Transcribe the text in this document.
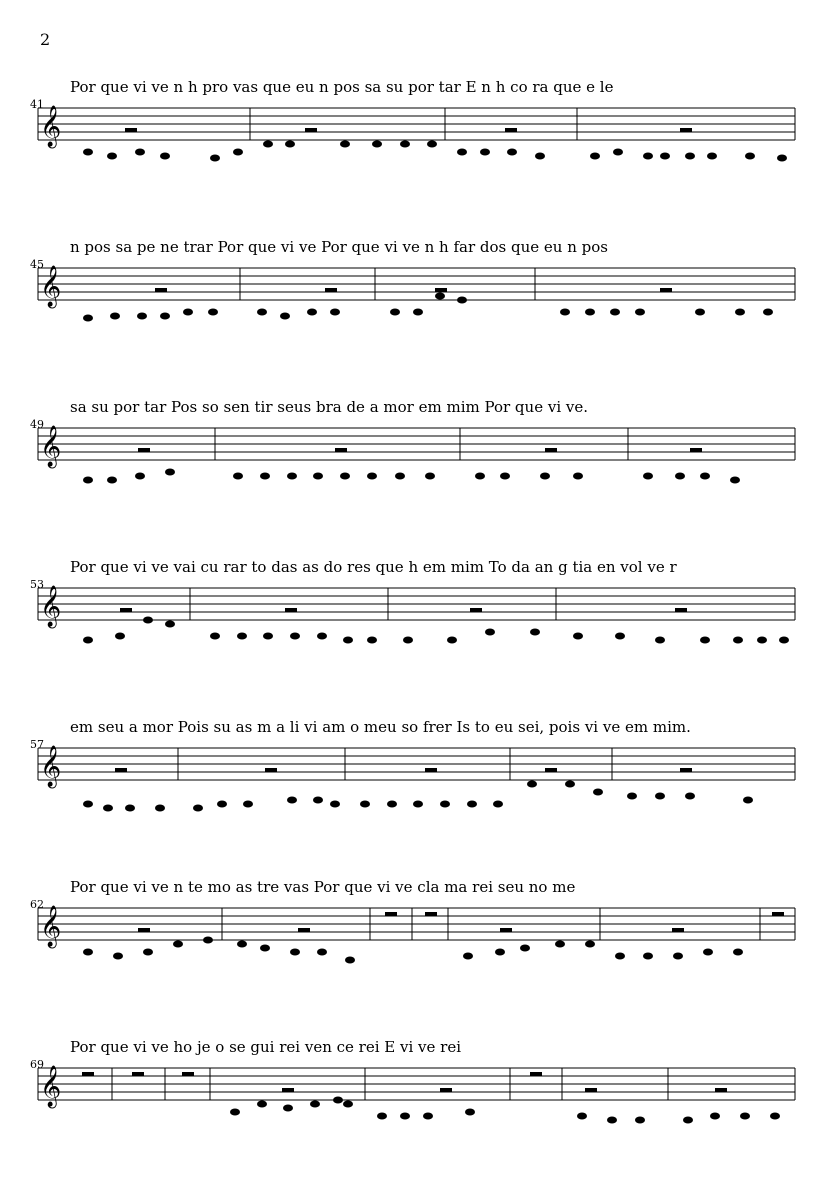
2
Por que vi ve n h pro vas que eu n pos sa su por tar E n h co ra que e le
41
𝄞
n pos sa pe ne trar Por que vi ve Por que vi ve n h far dos que eu n pos
45
𝄞
sa su por tar Pos so sen tir seus bra de a mor em mim Por que vi ve.
49
𝄞
Por que vi ve vai cu rar to das as do res que h em mim To da an g tia en vol ve r
53
𝄞
em seu a mor Pois su as m a li vi am o meu so frer Is to eu sei, pois vi ve em mim.
57
𝄞
Por que vi ve n te mo as tre vas Por que vi ve cla ma rei seu no me
62
𝄞
Por que vi ve ho je o se gui rei ven ce rei E vi ve rei
69
𝄞
